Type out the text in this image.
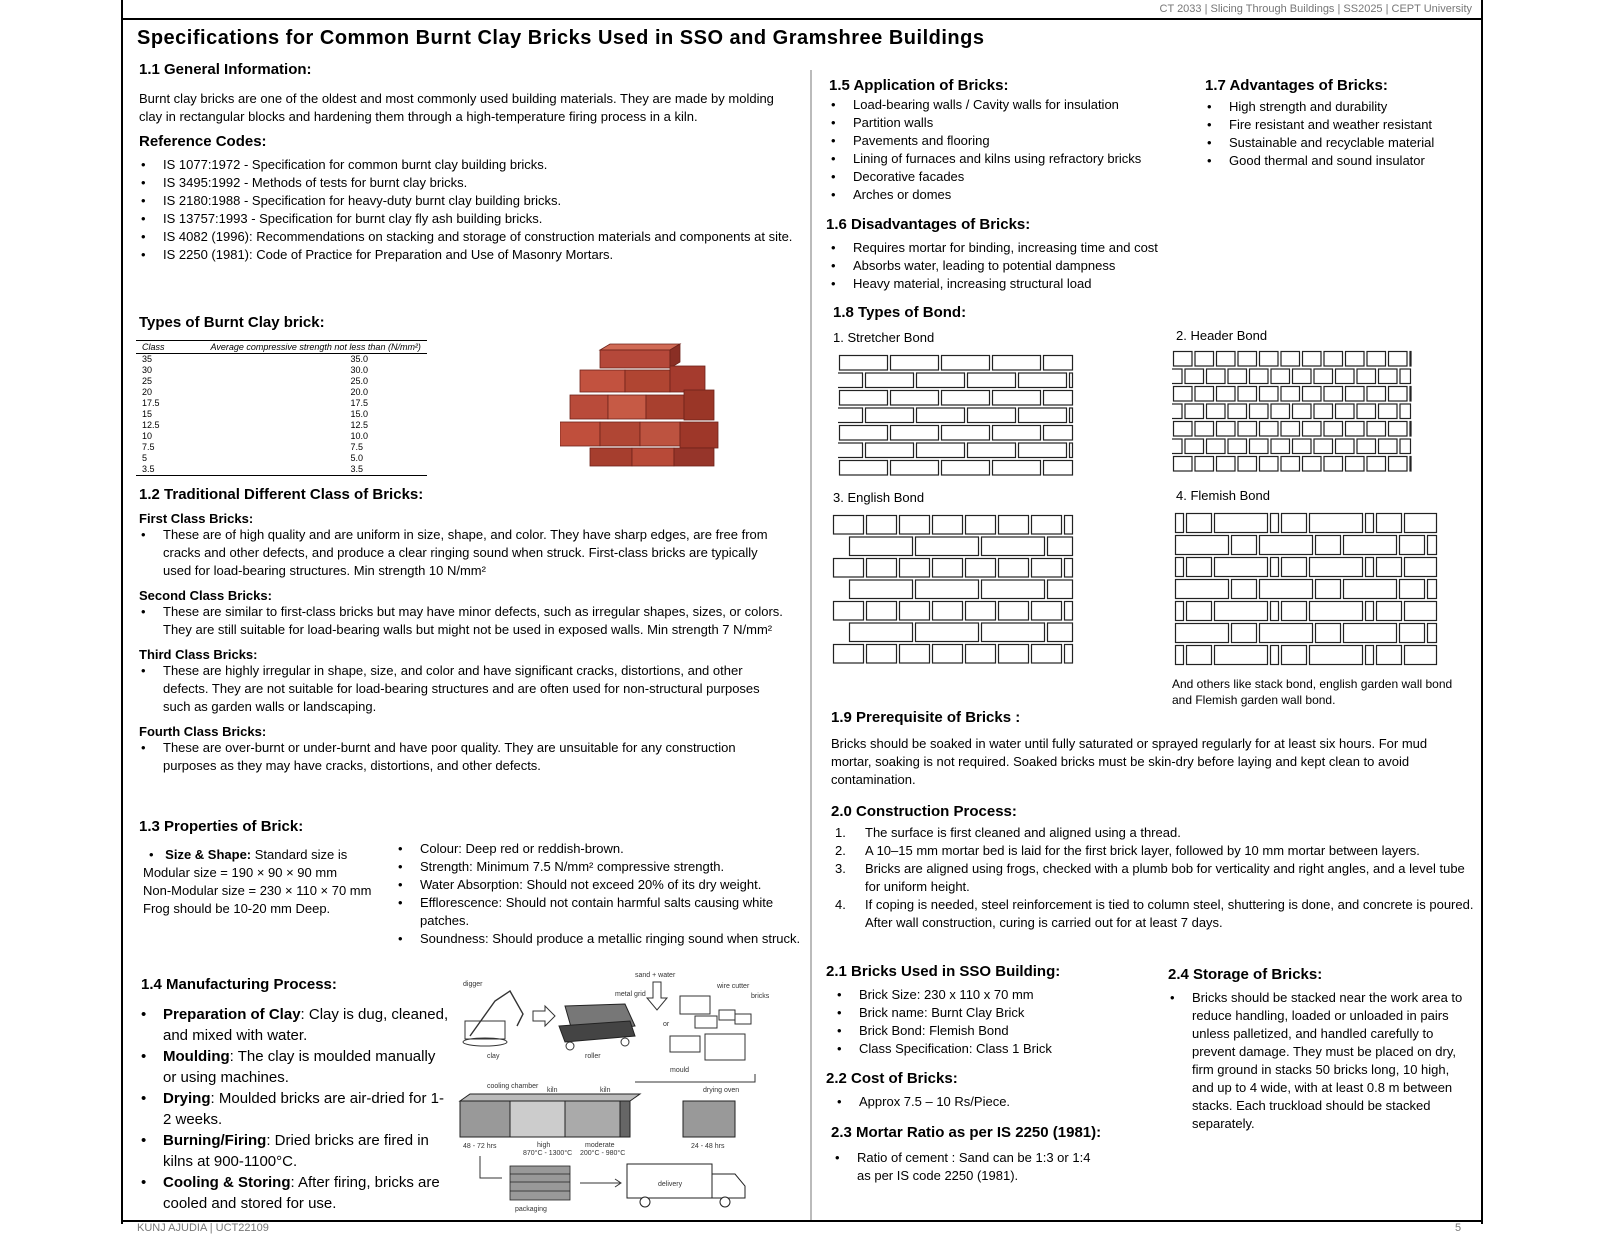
CT 2033 | Slicing Through Buildings | SS2025 | CEPT University
KUNJ AJUDIA | UCT22109	5
Specifications for Common Burnt Clay Bricks Used in SSO and Gramshree Buildings

1.1 General Information:

Burnt clay bricks are one of the oldest and most commonly used building materials. They are made by molding clay in rectangular blocks and hardening them through a high-temperature firing process in a kiln.

Reference Codes:

• IS 1077:1972 - Specification for common burnt clay building bricks.
• IS 3495:1992 - Methods of tests for burnt clay bricks.
• IS 2180:1988 - Specification for heavy-duty burnt clay building bricks.
• IS 13757:1993 - Specification for burnt clay fly ash building bricks.
• IS 4082 (1996): Recommendations on stacking and storage of construction materials and components at site.
• IS 2250 (1981): Code of Practice for Preparation and Use of Masonry Mortars.

Types of Burnt Clay brick:

Class	Average compressive strength not less than (N/mm²)
35	35.0
30	30.0
25	25.0
20	20.0
17.5	17.5
15	15.0
12.5	12.5
10	10.0
7.5	7.5
5	5.0
3.5	3.5

1.2 Traditional Different Class of Bricks:

First Class Bricks:

• These are of high quality and are uniform in size, shape, and color. They have sharp edges, are free from cracks and other defects, and produce a clear ringing sound when struck. First-class bricks are typically used for load-bearing structures. Min strength 10 N/mm²

Second Class Bricks:

• These are similar to first-class bricks but may have minor defects, such as irregular shapes, sizes, or colors. They are still suitable for load-bearing walls but might not be used in exposed walls. Min strength 7 N/mm²

Third Class Bricks:

• These are highly irregular in shape, size, and color and have significant cracks, distortions, and other defects. They are not suitable for load-bearing structures and are often used for non-structural purposes such as garden walls or landscaping.

Fourth Class Bricks:

• These are over-burnt or under-burnt and have poor quality. They are unsuitable for any construction purposes as they may have cracks, distortions, and other defects.

1.3 Properties of Brick:

• Size & Shape: Standard size is
Modular size = 190 × 90 × 90 mm
Non-Modular size = 230 × 110 × 70 mm
Frog should be 10-20 mm Deep.
• Colour: Deep red or reddish-brown.
• Strength: Minimum 7.5 N/mm² compressive strength.
• Water Absorption: Should not exceed 20% of its dry weight.
• Efflorescence: Should not contain harmful salts causing white patches.
• Soundness: Should produce a metallic ringing sound when struck.

1.4 Manufacturing Process:

• Preparation of Clay: Clay is dug, cleaned, and mixed with water.
• Moulding: The clay is moulded manually or using machines.
• Drying: Moulded bricks are air-dried for 1-2 weeks.
• Burning/Firing: Dried bricks are fired in kilns at 900-1100°C.
• Cooling & Storing: After firing, bricks are cooled and stored for use.
digger
clay
sand + water
metal grid
roller
or
wire cutter
bricks
mould
cooling chamber
kiln	kiln	drying oven
48 - 72 hrs	high
870°C - 1300°C
moderate
200°C - 980°C
24 - 48 hrs
packaging
delivery

1.5 Application of Bricks:

• Load-bearing walls / Cavity walls for insulation
• Partition walls
• Pavements and flooring
• Lining of furnaces and kilns using refractory bricks
• Decorative facades
• Arches or domes

1.7 Advantages of Bricks:

• High strength and durability
• Fire resistant and weather resistant
• Sustainable and recyclable material
• Good thermal and sound insulator

1.6 Disadvantages of Bricks:

• Requires mortar for binding, increasing time and cost
• Absorbs water, leading to potential dampness
• Heavy material, increasing structural load

1.8 Types of Bond:

1. Stretcher Bond	2. Header Bond
3. English Bond	4. Flemish Bond
And others like stack bond, english garden wall bond and Flemish garden wall bond.

1.9 Prerequisite of Bricks :

Bricks should be soaked in water until fully saturated or sprayed regularly for at least six hours. For mud mortar, soaking is not required. Soaked bricks must be skin-dry before laying and kept clean to avoid contamination.

2.0 Construction Process:

1. The surface is first cleaned and aligned using a thread.
2. A 10–15 mm mortar bed is laid for the first brick layer, followed by 10 mm mortar between layers.
3. Bricks are aligned using frogs, checked with a plumb bob for verticality and right angles, and a level tube for uniform height.
4. If coping is needed, steel reinforcement is tied to column steel, shuttering is done, and concrete is poured. After wall construction, curing is carried out for at least 7 days.

2.1 Bricks Used in SSO Building:

• Brick Size: 230 x 110 x 70 mm
• Brick name: Burnt Clay Brick
• Brick Bond: Flemish Bond
• Class Specification: Class 1 Brick

2.2 Cost of Bricks:

• Approx 7.5 – 10 Rs/Piece.

2.3 Mortar Ratio as per IS 2250 (1981):

• Ratio of cement : Sand can be 1:3 or 1:4 as per IS code 2250 (1981).

2.4 Storage of Bricks:

• Bricks should be stacked near the work area to reduce handling, loaded or unloaded in pairs unless palletized, and handled carefully to prevent damage. They must be placed on dry, firm ground in stacks 50 bricks long, 10 high, and up to 4 wide, with at least 0.8 m between stacks. Each truckload should be stacked separately.
